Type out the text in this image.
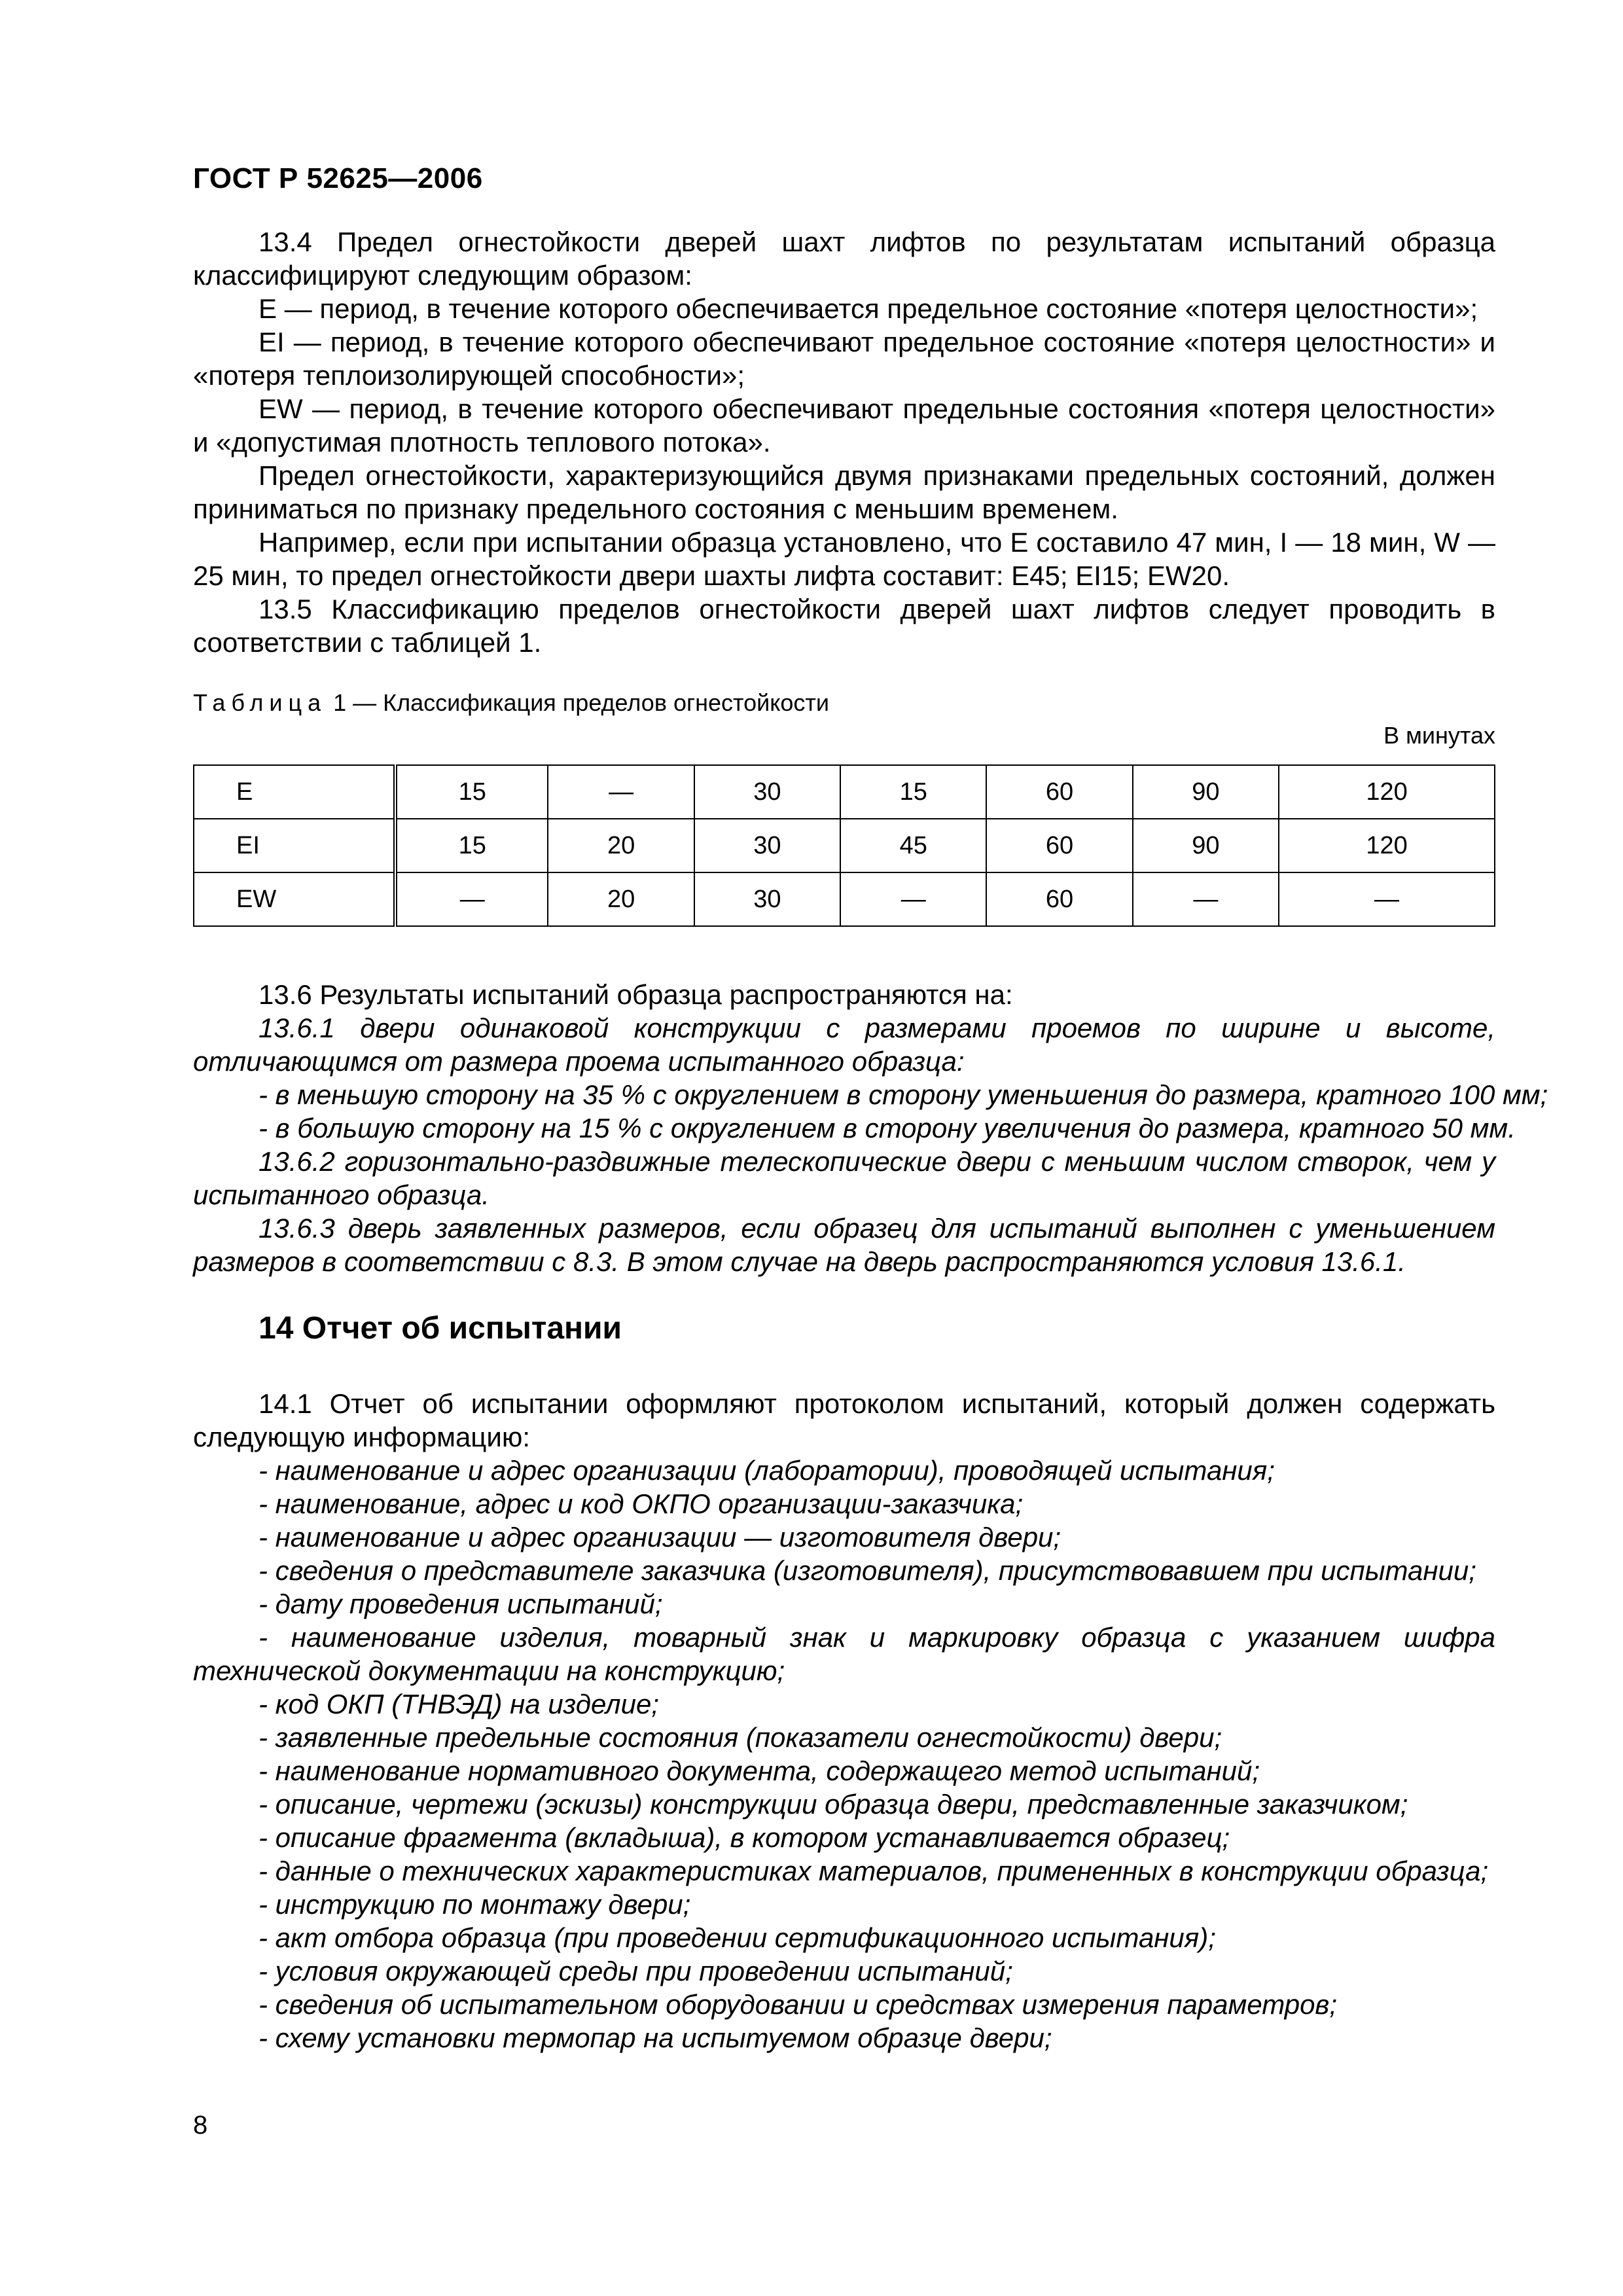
ГОСТ Р 52625—2006

13.4 Предел огнестойкости дверей шахт лифтов по результатам испытаний образца классифицируют следующим образом:

Е — период, в течение которого обеспечивается предельное состояние «потеря целостности»;

ЕI — период, в течение которого обеспечивают предельное состояние «потеря целостности» и «потеря теплоизолирующей способности»;

ЕW — период, в течение которого обеспечивают предельные состояния «потеря целостности» и «допустимая плотность теплового потока».

Предел огнестойкости, характеризующийся двумя признаками предельных состояний, должен приниматься по признаку предельного состояния с меньшим временем.

Например, если при испытании образца установлено, что Е составило 47 мин, I — 18 мин, W — 25 мин, то предел огнестойкости двери шахты лифта составит: Е45; ЕI15; ЕW20.

13.5 Классификацию пределов огнестойкости дверей шахт лифтов следует проводить в соответствии с таблицей 1.

Таблица 1 — Классификация пределов огнестойкости
В минутах
Е	15	—	30	15	60	90	120
ЕI	15	20	30	45	60	90	120
ЕW	—	20	30	—	60	—	—

13.6 Результаты испытаний образца распространяются на:

13.6.1 двери одинаковой конструкции с размерами проемов по ширине и высоте, отличающимся от размера проема испытанного образца:

- в меньшую сторону на 35 % с округлением в сторону уменьшения до размера, кратного 100 мм;

- в большую сторону на 15 % с округлением в сторону увеличения до размера, кратного 50 мм.

13.6.2 горизонтально-раздвижные телескопические двери с меньшим числом створок, чем у испытанного образца.

13.6.3 дверь заявленных размеров, если образец для испытаний выполнен с уменьшением размеров в соответствии с 8.3. В этом случае на дверь распространяются условия 13.6.1.

14 Отчет об испытании

14.1 Отчет об испытании оформляют протоколом испытаний, который должен содержать следующую информацию:

- наименование и адрес организации (лаборатории), проводящей испытания;

- наименование, адрес и код ОКПО организации-заказчика;

- наименование и адрес организации — изготовителя двери;

- сведения о представителе заказчика (изготовителя), присутствовавшем при испытании;

- дату проведения испытаний;

- наименование изделия, товарный знак и маркировку образца с указанием шифра технической документации на конструкцию;

- код ОКП (ТНВЭД) на изделие;

- заявленные предельные состояния (показатели огнестойкости) двери;

- наименование нормативного документа, содержащего метод испытаний;

- описание, чертежи (эскизы) конструкции образца двери, представленные заказчиком;

- описание фрагмента (вкладыша), в котором устанавливается образец;

- данные о технических характеристиках материалов, примененных в конструкции образца;

- инструкцию по монтажу двери;

- акт отбора образца (при проведении сертификационного испытания);

- условия окружающей среды при проведении испытаний;

- сведения об испытательном оборудовании и средствах измерения параметров;

- схему установки термопар на испытуемом образце двери;

8
